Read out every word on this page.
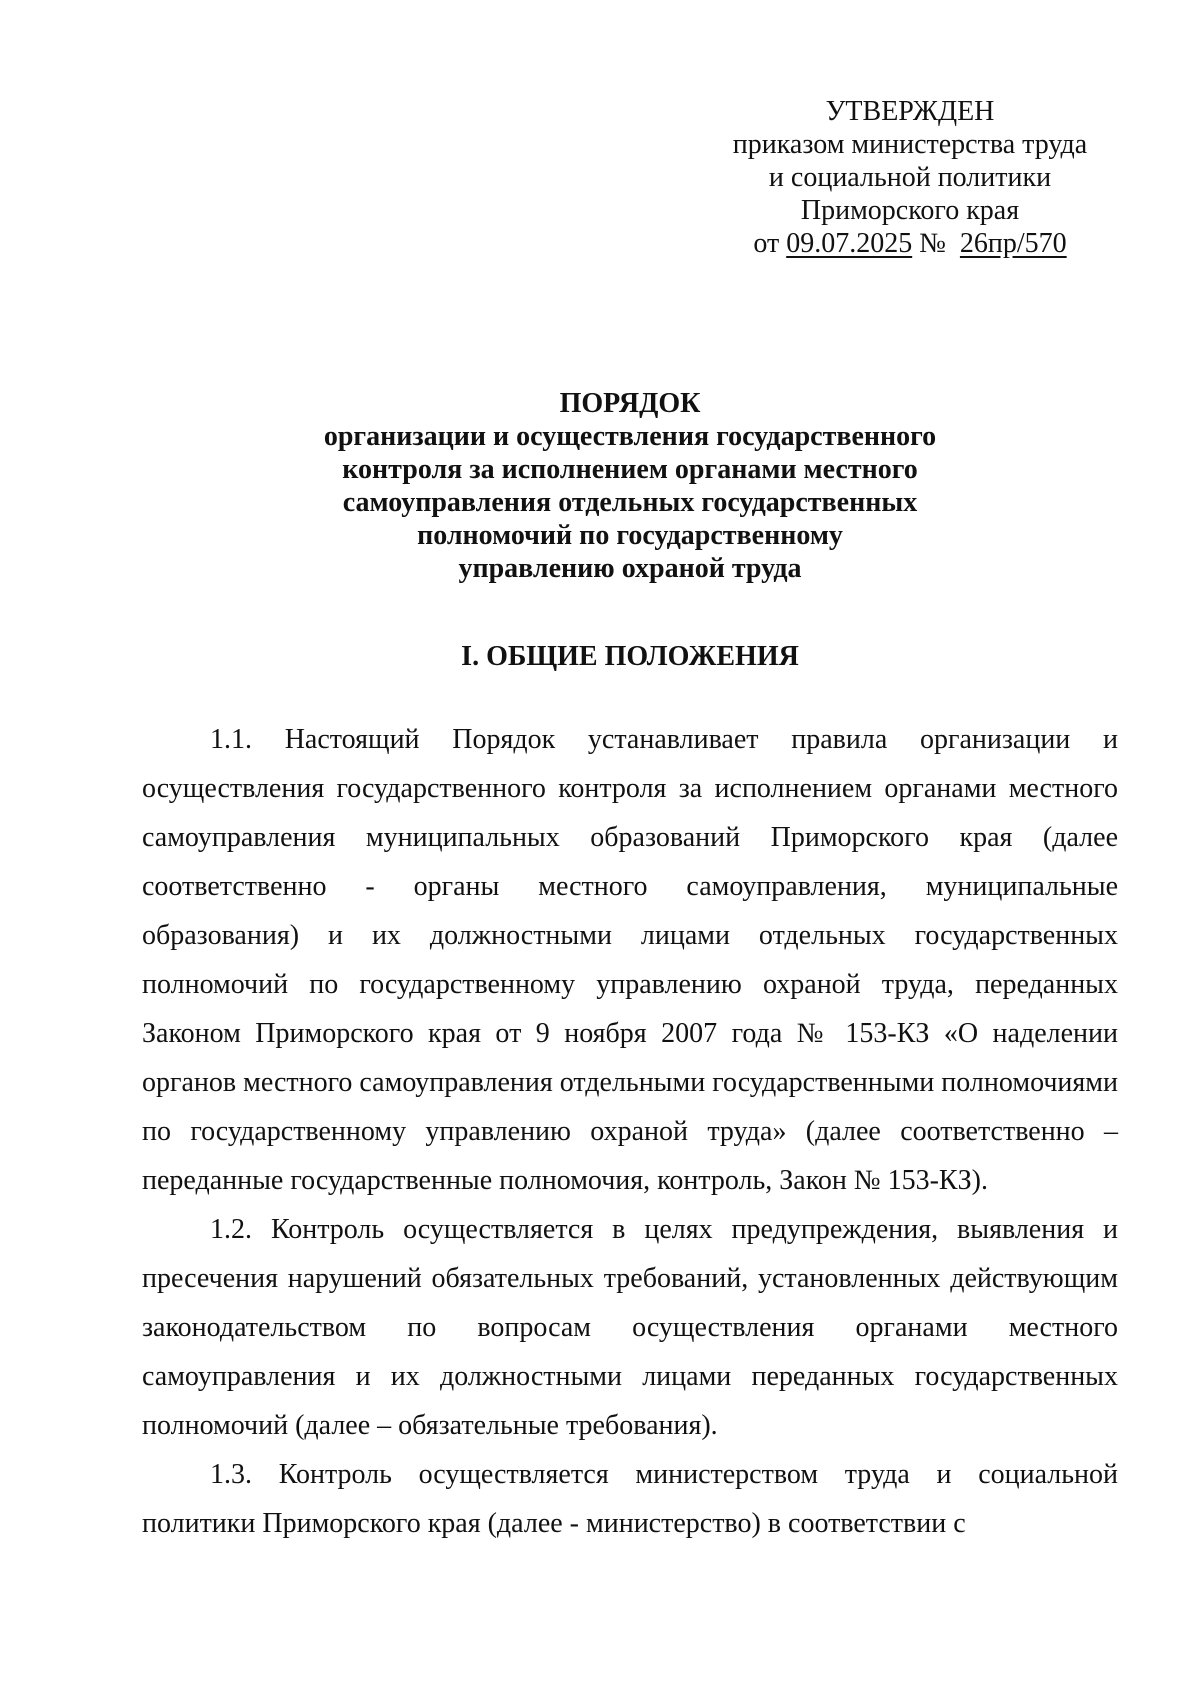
УТВЕРЖДЕН
приказом министерства труда
и социальной политики
Приморского края
от 09.07.2025 № 26пр/570
ПОРЯДОК
организации и осуществления государственного
контроля за исполнением органами местного
самоуправления отдельных государственных
полномочий по государственному
управлению охраной труда
I. ОБЩИЕ ПОЛОЖЕНИЯ

1.1. Настоящий Порядок устанавливает правила организации и осуществления государственного контроля за исполнением органами местного самоуправления муниципальных образований Приморского края (далее соответственно - органы местного самоуправления, муниципальные образования) и их должностными лицами отдельных государственных полномочий по государственному управлению охраной труда, переданных Законом Приморского края от 9 ноября 2007 года № 153-КЗ «О наделении органов местного самоуправления отдельными государственными полномочиями по государственному управлению охраной труда» (далее соответственно – переданные государственные полномочия, контроль, Закон № 153-КЗ).

1.2. Контроль осуществляется в целях предупреждения, выявления и пресечения нарушений обязательных требований, установленных действующим законодательством по вопросам осуществления органами местного самоуправления и их должностными лицами переданных государственных полномочий (далее – обязательные требования).

1.3. Контроль осуществляется министерством труда и социальной политики Приморского края (далее - министерство) в соответствии с
